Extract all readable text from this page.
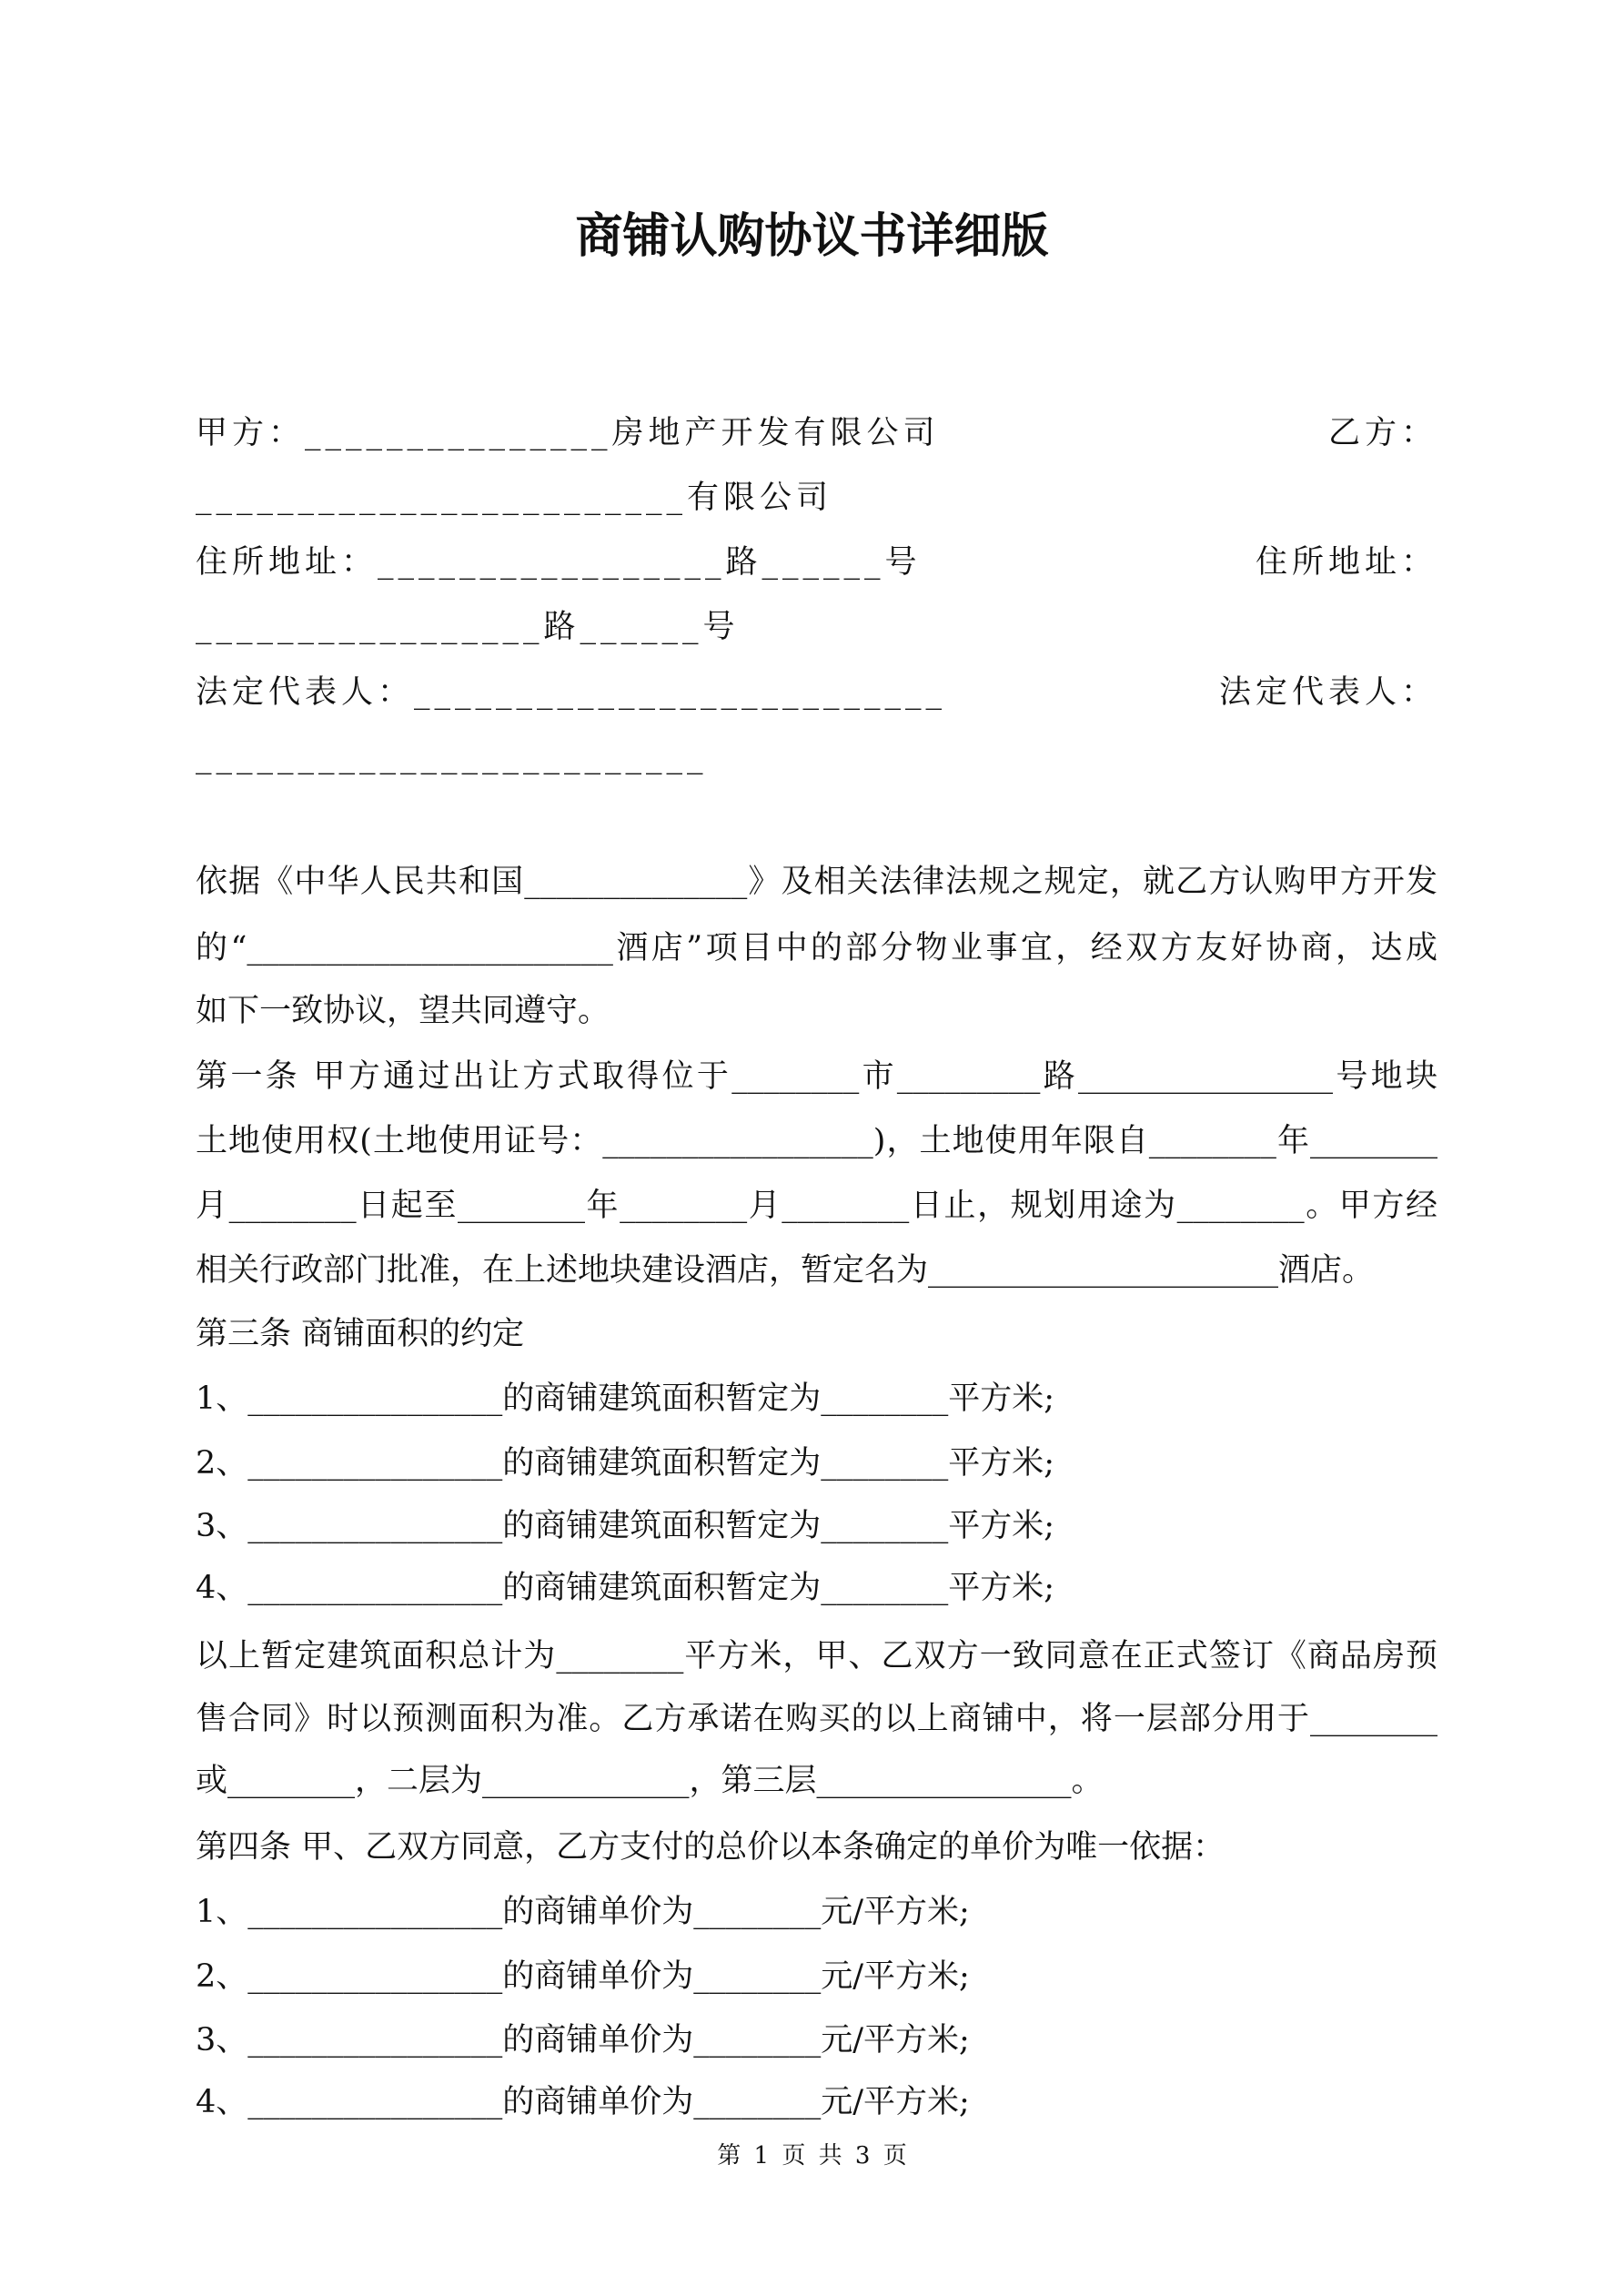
商铺认购协议书详细版
甲方：_______________房地产开发有限公司	乙方：
________________________有限公司
住所地址：_________________路______号	住所地址：
_________________路______号
法定代表人：__________________________	法定代表人：
_________________________
依据《中华人民共和国______________》及相关法律法规之规定，就乙方认购甲方开发
的“_______________________酒店”项目中的部分物业事宜，经双方友好协商，达成
如下一致协议，望共同遵守。
第一条 甲方通过出让方式取得位于________市_________路________________号地块
土地使用权(土地使用证号：_________________)，土地使用年限自________年________
月________日起至________年________月________日止，规划用途为________。甲方经
相关行政部门批准，在上述地块建设酒店，暂定名为______________________酒店。
第三条 商铺面积的约定
1、________________的商铺建筑面积暂定为________平方米;
2、________________的商铺建筑面积暂定为________平方米;
3、________________的商铺建筑面积暂定为________平方米;
4、________________的商铺建筑面积暂定为________平方米;
以上暂定建筑面积总计为________平方米，甲、乙双方一致同意在正式签订《商品房预
售合同》时以预测面积为准。乙方承诺在购买的以上商铺中，将一层部分用于________
或________，二层为_____________，第三层________________。
第四条 甲、乙双方同意，乙方支付的总价以本条确定的单价为唯一依据：
1、________________的商铺单价为________元/平方米;
2、________________的商铺单价为________元/平方米;
3、________________的商铺单价为________元/平方米;
4、________________的商铺单价为________元/平方米;
第 1 页 共 3 页
